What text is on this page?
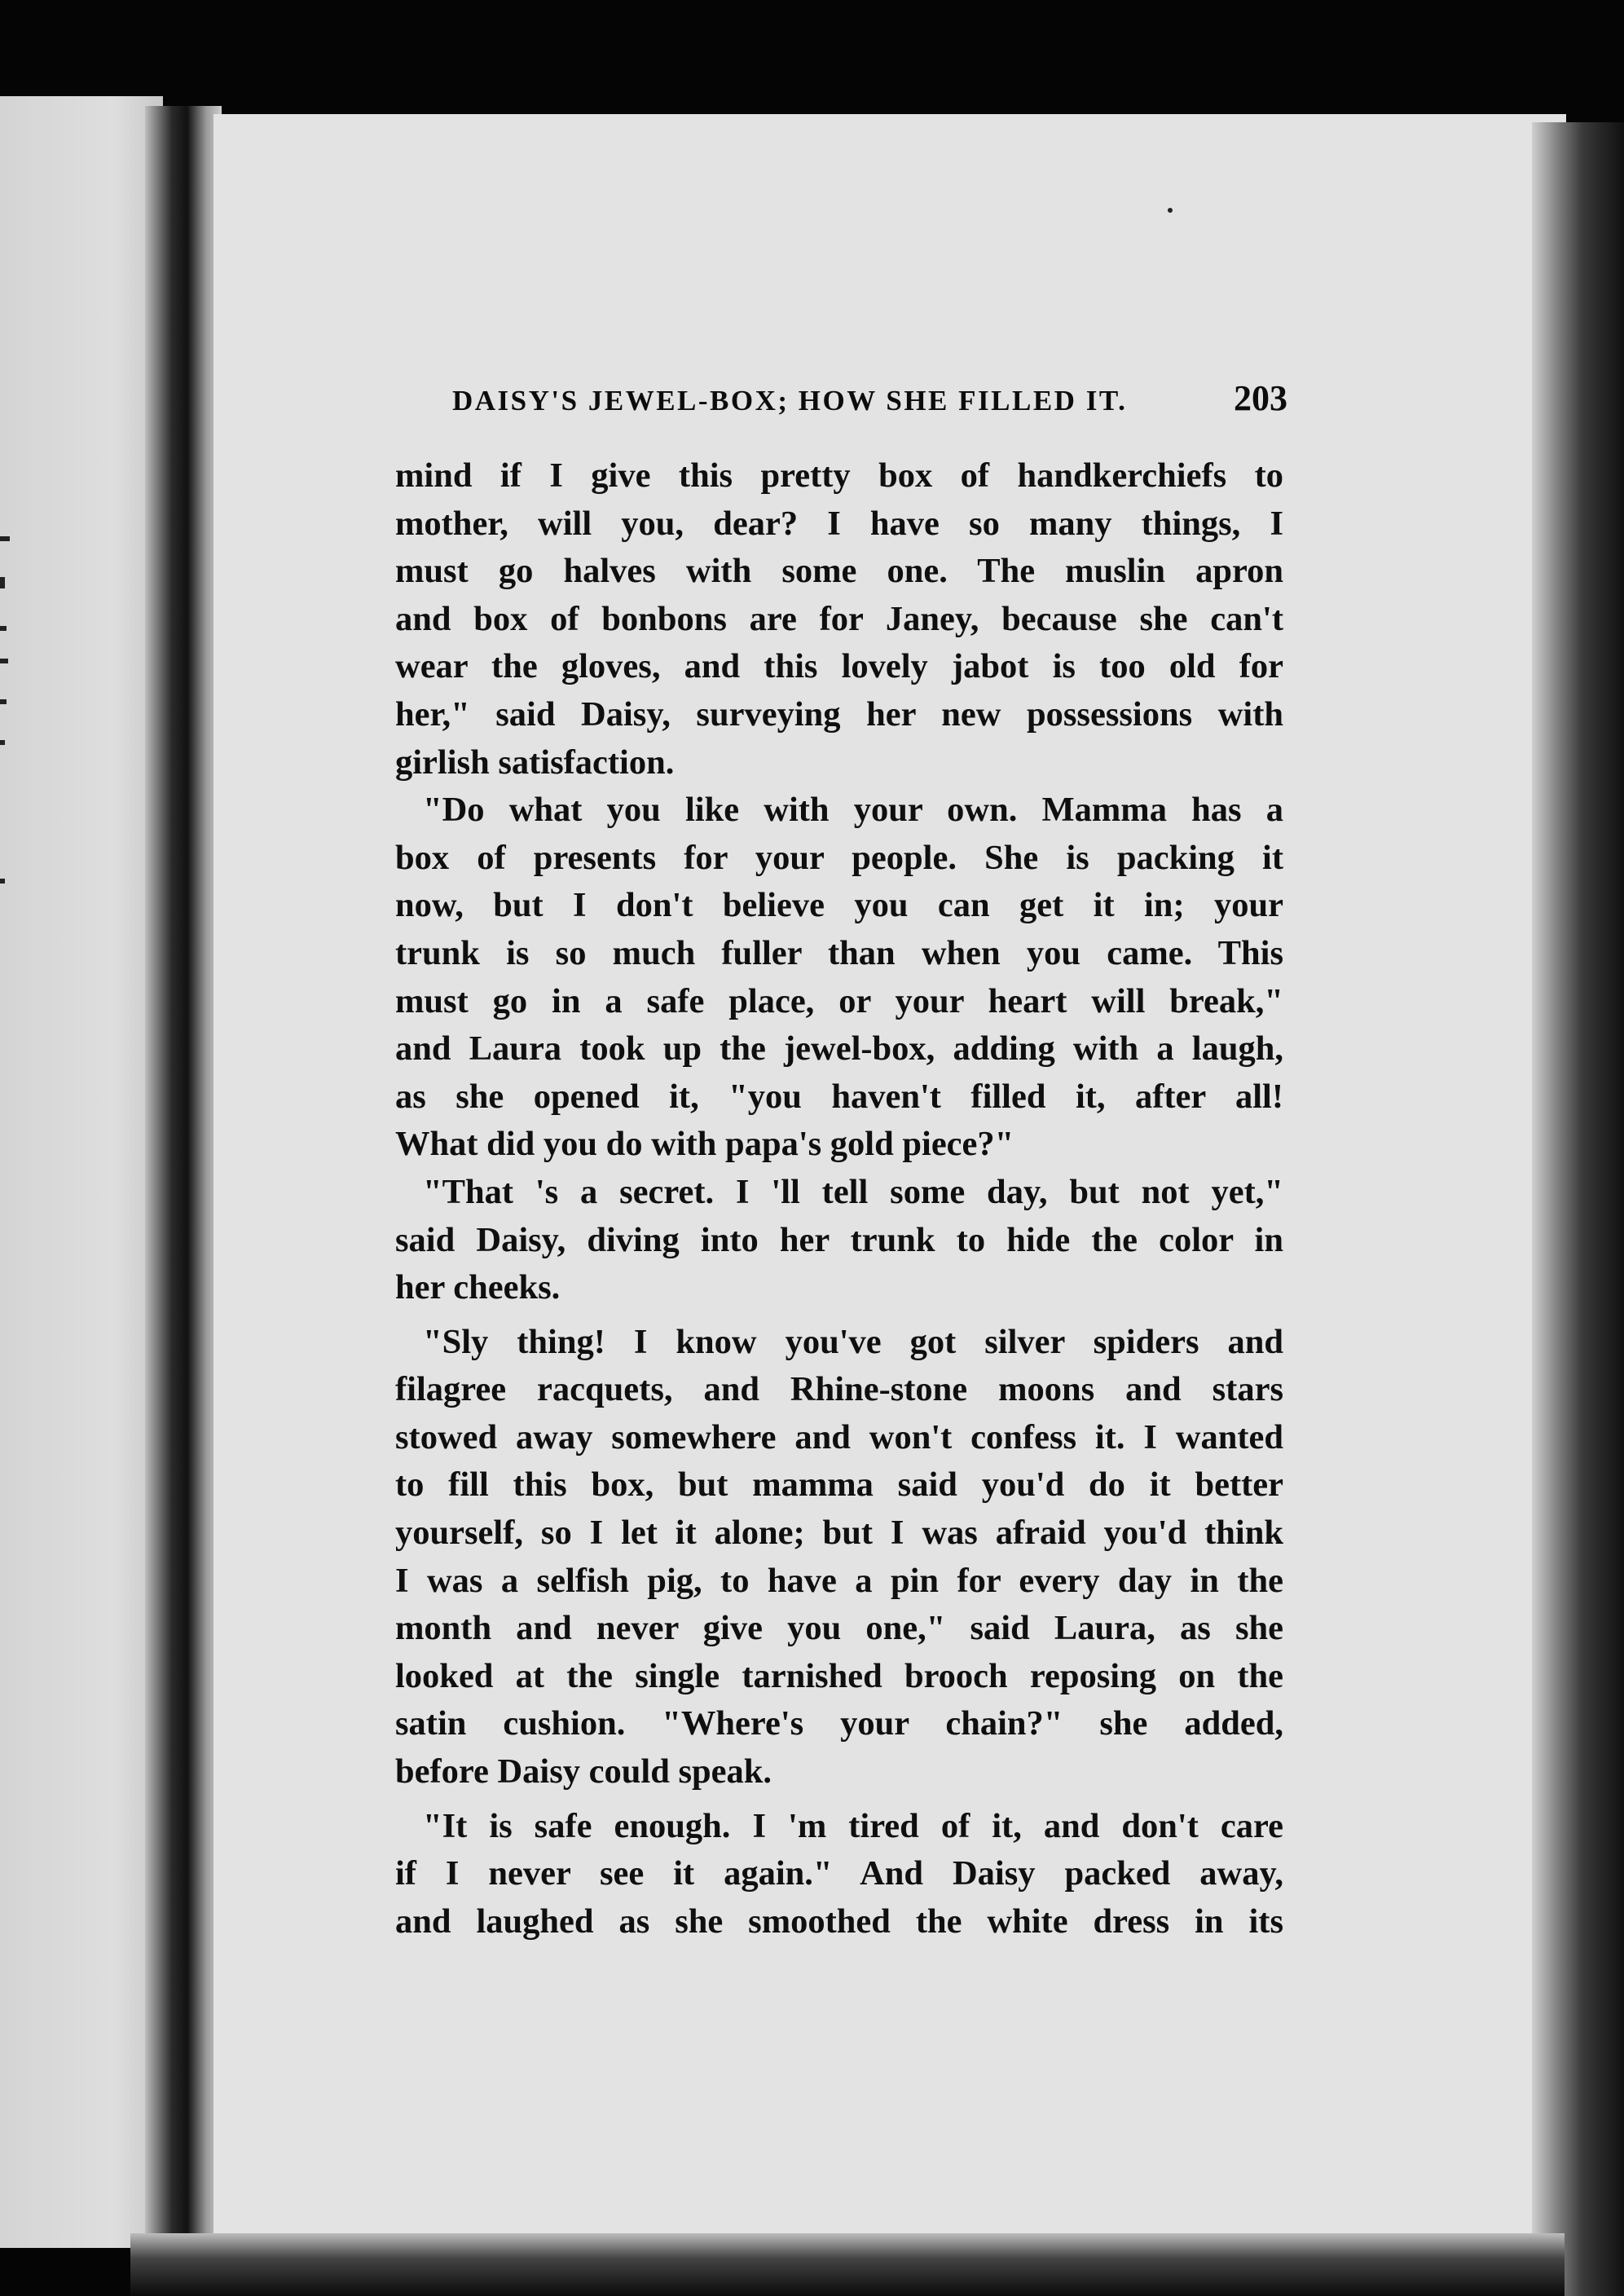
DAISY'S JEWEL-BOX; HOW SHE FILLED IT.	203
mind if I give this pretty box of handkerchiefs to
mother, will you, dear? I have so many things, I
must go halves with some one. The muslin apron
and box of bonbons are for Janey, because she can't
wear the gloves, and this lovely jabot is too old for
her," said Daisy, surveying her new possessions with
girlish satisfaction.
"Do what you like with your own. Mamma has a
box of presents for your people. She is packing it
now, but I don't believe you can get it in; your
trunk is so much fuller than when you came. This
must go in a safe place, or your heart will break,"
and Laura took up the jewel-box, adding with a laugh,
as she opened it, "you haven't filled it, after all!
What did you do with papa's gold piece?"
"That 's a secret. I 'll tell some day, but not yet,"
said Daisy, diving into her trunk to hide the color in
her cheeks.
"Sly thing! I know you've got silver spiders and
filagree racquets, and Rhine-stone moons and stars
stowed away somewhere and won't confess it. I wanted
to fill this box, but mamma said you'd do it better
yourself, so I let it alone; but I was afraid you'd think
I was a selfish pig, to have a pin for every day in the
month and never give you one," said Laura, as she
looked at the single tarnished brooch reposing on the
satin cushion. "Where's your chain?" she added,
before Daisy could speak.
"It is safe enough. I 'm tired of it, and don't care
if I never see it again." And Daisy packed away,
and laughed as she smoothed the white dress in its
